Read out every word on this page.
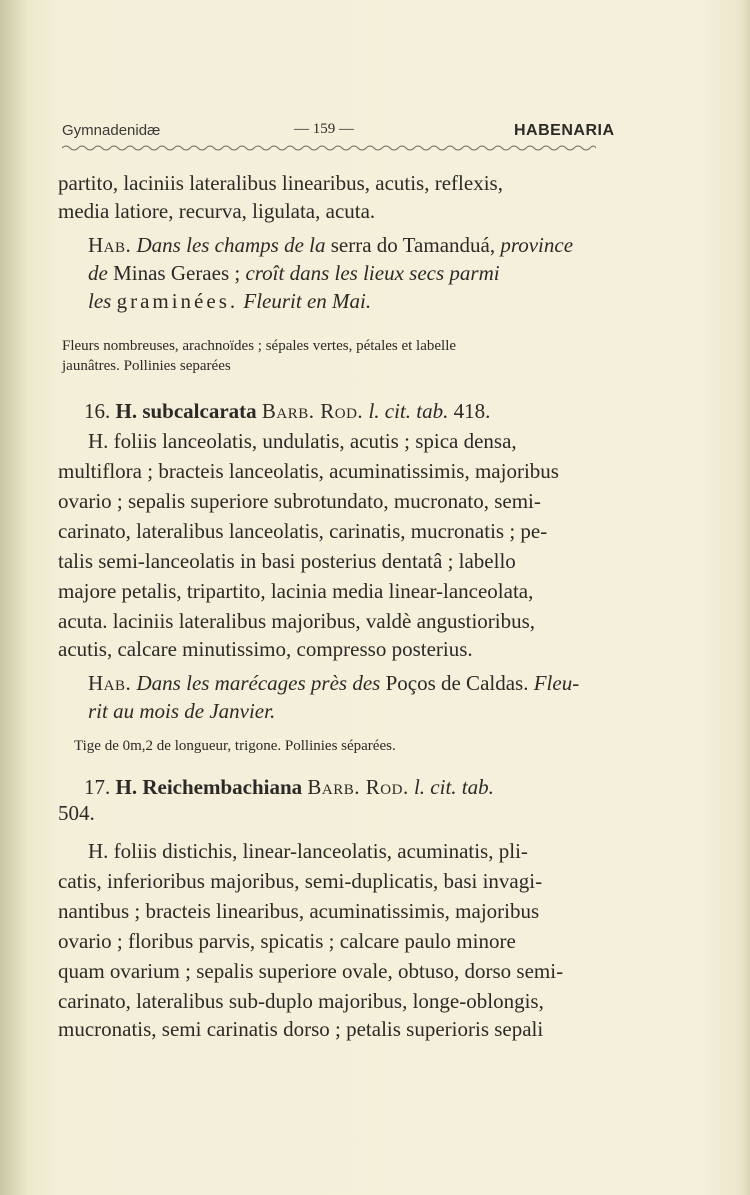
Gymnadenidæ	— 159 —	HABENARIA
partito, laciniis lateralibus linearibus, acutis, reflexis,
media latiore, recurva, ligulata, acuta.
Hab. Dans les champs de la serra do Tamanduá, province
de Minas Geraes ; croît dans les lieux secs parmi
les graminées. Fleurit en Mai.
Fleurs nombreuses, arachnoïdes ; sépales vertes, pétales et labelle
jaunâtres. Pollinies separées
16. H. subcalcarata Barb. Rod. l. cit. tab. 418.
H. foliis lanceolatis, undulatis, acutis ; spica densa,
multiflora ; bracteis lanceolatis, acuminatissimis, majoribus
ovario ; sepalis superiore subrotundato, mucronato, semi-
carinato, lateralibus lanceolatis, carinatis, mucronatis ; pe-
talis semi-lanceolatis in basi posterius dentatâ ; labello
majore petalis, tripartito, lacinia media linear-lanceolata,
acuta. laciniis lateralibus majoribus, valdè angustioribus,
acutis, calcare minutissimo, compresso posterius.
Hab. Dans les marécages près des Poços de Caldas. Fleu-
rit au mois de Janvier.
Tige de 0m,2 de longueur, trigone. Pollinies séparées.
17. H. Reichembachiana Barb. Rod. l. cit. tab.
504.
H. foliis distichis, linear-lanceolatis, acuminatis, pli-
catis, inferioribus majoribus, semi-duplicatis, basi invagi-
nantibus ; bracteis linearibus, acuminatissimis, majoribus
ovario ; floribus parvis, spicatis ; calcare paulo minore
quam ovarium ; sepalis superiore ovale, obtuso, dorso semi-
carinato, lateralibus sub-duplo majoribus, longe-oblongis,
mucronatis, semi carinatis dorso ; petalis superioris sepali
